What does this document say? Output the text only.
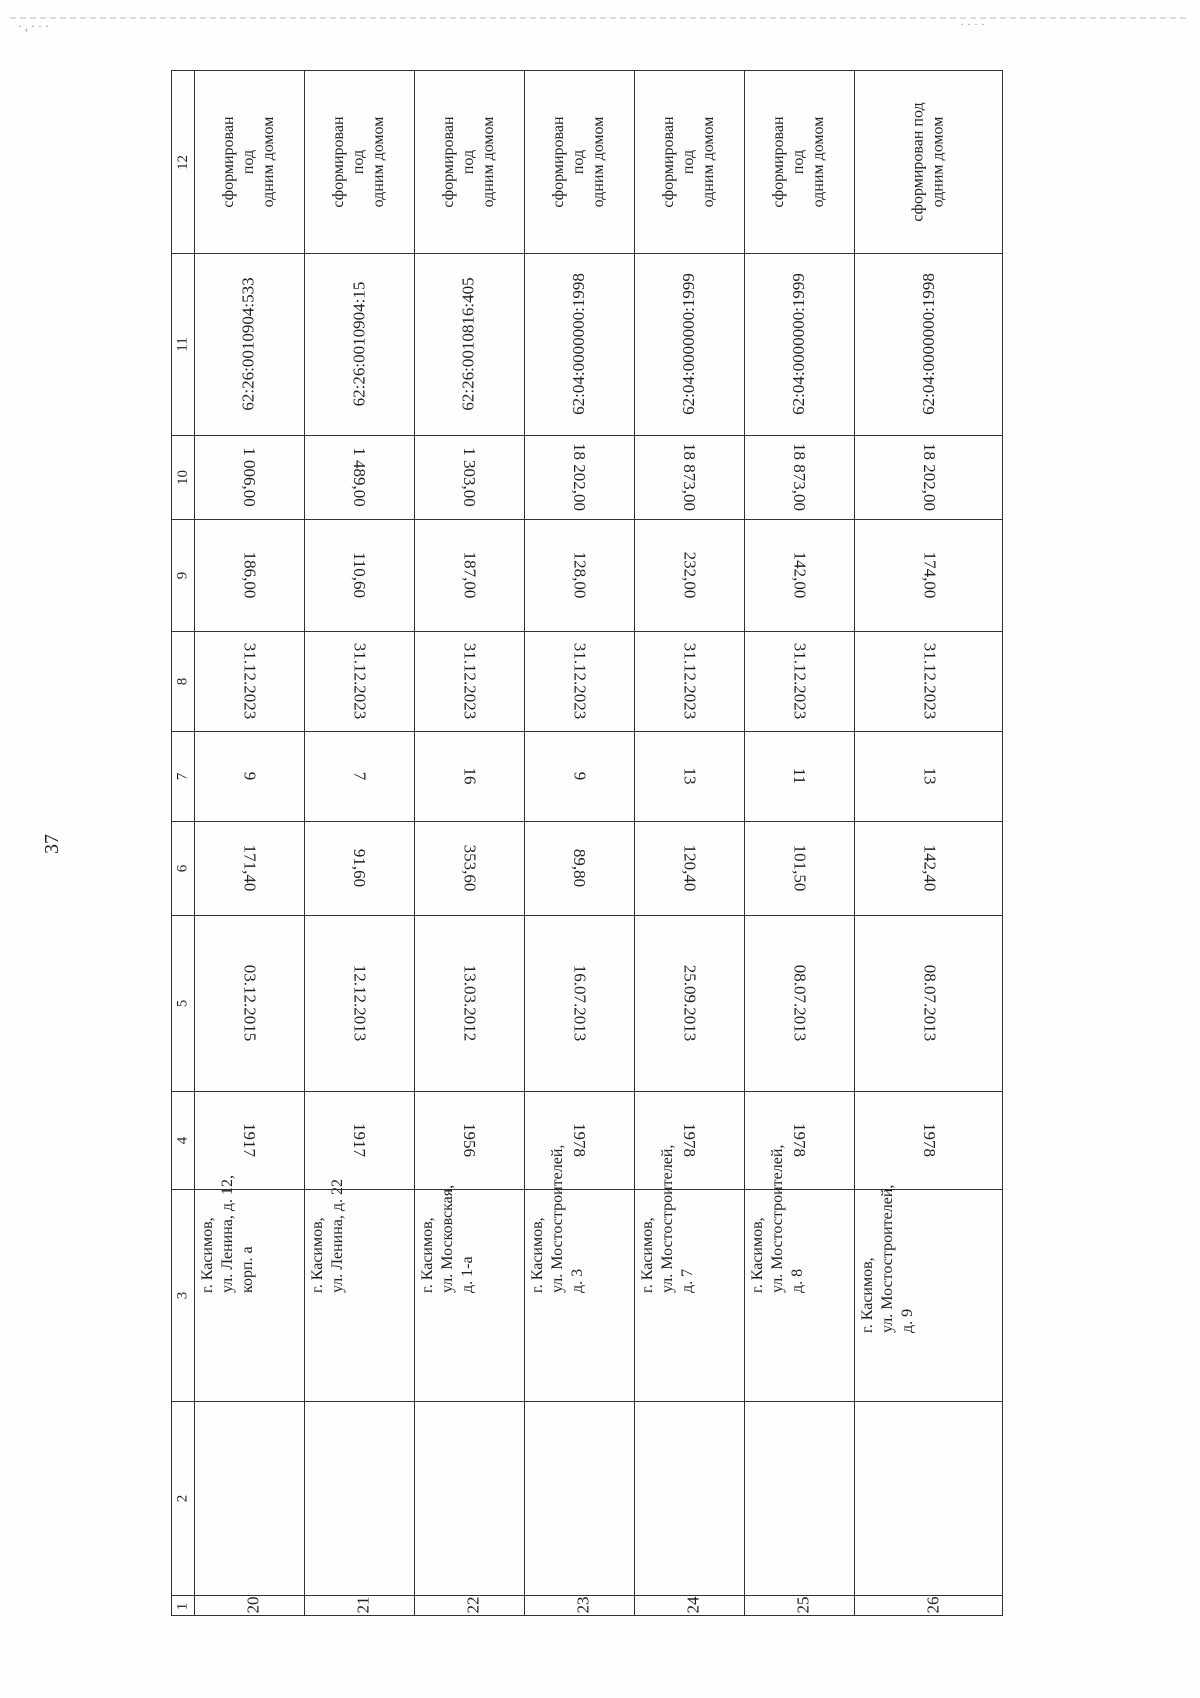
· , · · ·	· · · ·
37
12
11
10
9
8
7
6
5
4
3
2
1
сформирован под
одним домом
62:26:0010904:533
1 006,00
186,00
31.12.2023
9
171,40
03.12.2015
1917
г. Касимов,
ул. Ленина, д. 12,
корп. а
20
сформирован под
одним домом
62:26:0010904:15
1 489,00
110,60
31.12.2023
7
91,60
12.12.2013
1917
г. Касимов,
ул. Ленина, д. 22
21
сформирован под
одним домом
62:26:0010816:405
1 303,00
187,00
31.12.2023
16
353,60
13.03.2012
1956
г. Касимов,
ул. Московская,
д. 1-а
22
сформирован под
одним домом
62:04:0000000:1998
18 202,00
128,00
31.12.2023
9
89,80
16.07.2013
1978
г. Касимов,
ул. Мостостроителей,
д. 3
23
сформирован под
одним домом
62:04:0000000:1999
18 873,00
232,00
31.12.2023
13
120,40
25.09.2013
1978
г. Касимов,
ул. Мостостроителей,
д. 7
24
сформирован под
одним домом
62:04:0000000:1999
18 873,00
142,00
31.12.2023
11
101,50
08.07.2013
1978
г. Касимов,
ул. Мостостроителей,
д. 8
25
сформирован под
одним домом
62:04:0000000:1998
18 202,00
174,00
31.12.2023
13
142,40
08.07.2013
1978
г. Касимов,
ул. Мостостроителей,
д. 9
26
